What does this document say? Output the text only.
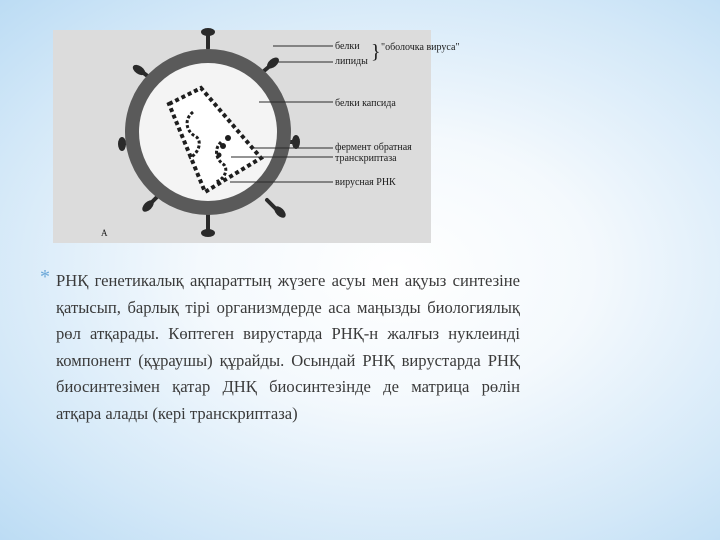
белки
липиды } "оболочка вируса"
белки капсида
фермент обратная
транскриптаза
вирусная РНК
А
* РНҚ генетикалық ақпараттың жүзеге асуы мен ақуыз синтезіне қатысып, барлық тірі организмдерде аса маңызды биологиялық рөл атқарады. Көптеген вирустарда РНҚ-н жалғыз нуклеинді компонент (құраушы) құрайды. Осындай РНҚ вирустарда РНҚ биосинтезімен қатар ДНҚ биосинтезінде де матрица рөлін атқара алады (кері транскриптаза)
